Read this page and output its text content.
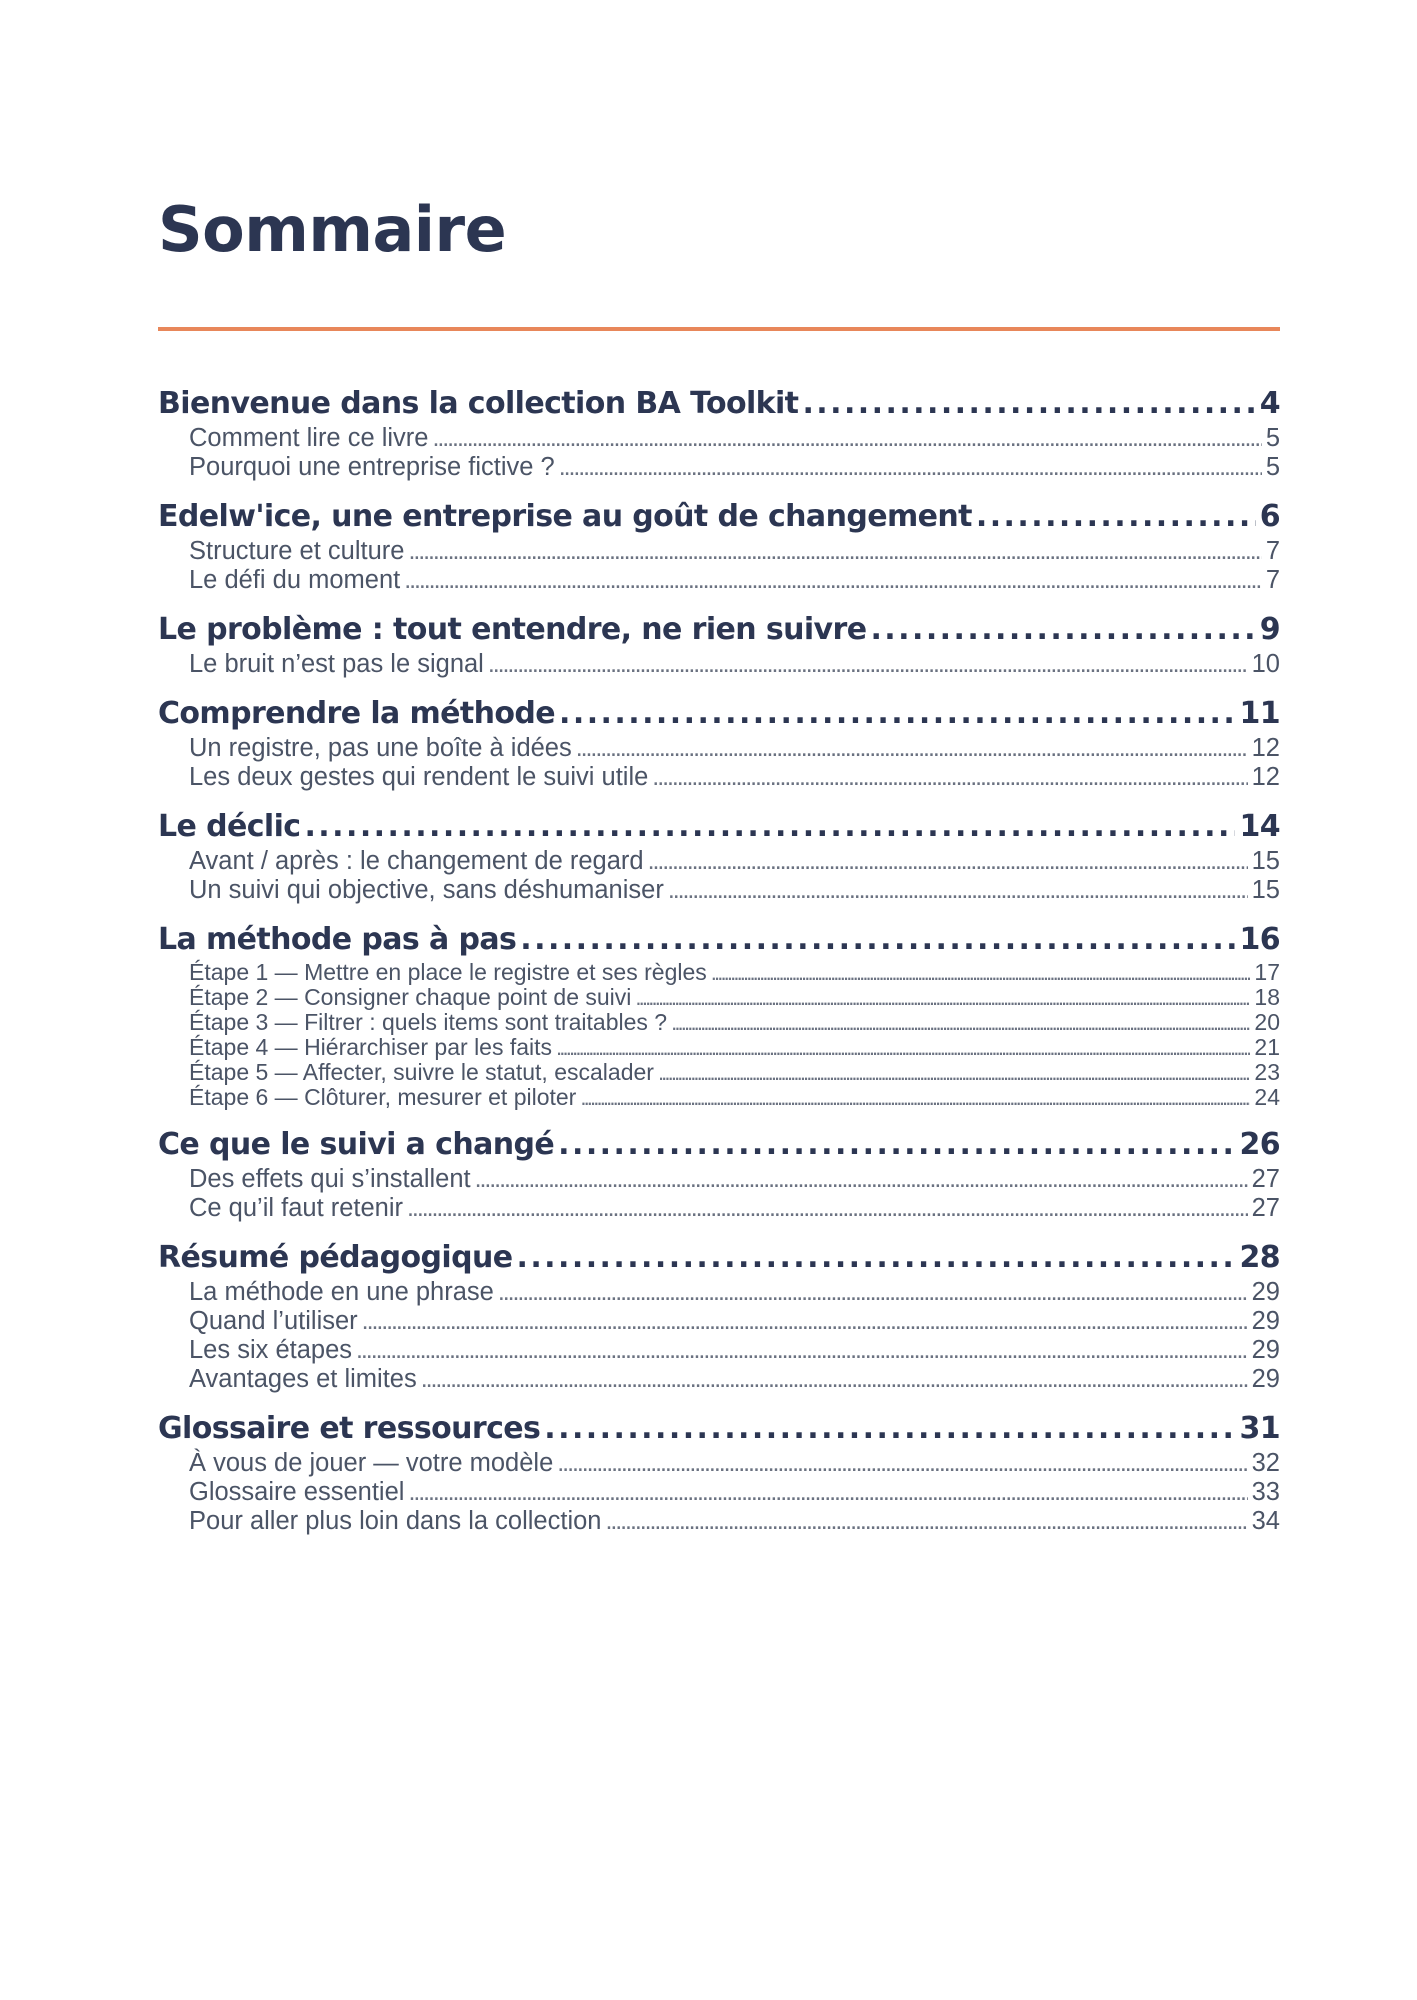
Sommaire
Bienvenue dans la collection BA Toolkit . . .	4
Comment lire ce livre . . .	5
Pourquoi une entreprise fictive ? . . .	5
Edelw'ice, une entreprise au goût de changement . . .	6
Structure et culture . . .	7
Le défi du moment . . .	7
Le problème : tout entendre, ne rien suivre . . .	9
Le bruit n’est pas le signal . . .	10
Comprendre la méthode . . .	11
Un registre, pas une boîte à idées . . .	12
Les deux gestes qui rendent le suivi utile . . .	12
Le déclic . . .	14
Avant / après : le changement de regard . . .	15
Un suivi qui objective, sans déshumaniser . . .	15
La méthode pas à pas . . .	16
Étape 1 — Mettre en place le registre et ses règles . . .	17
Étape 2 — Consigner chaque point de suivi . . .	18
Étape 3 — Filtrer : quels items sont traitables ? . . .	20
Étape 4 — Hiérarchiser par les faits . . .	21
Étape 5 — Affecter, suivre le statut, escalader . . .	23
Étape 6 — Clôturer, mesurer et piloter . . .	24
Ce que le suivi a changé . . .	26
Des effets qui s’installent . . .	27
Ce qu’il faut retenir . . .	27
Résumé pédagogique . . .	28
La méthode en une phrase . . .	29
Quand l’utiliser . . .	29
Les six étapes . . .	29
Avantages et limites . . .	29
Glossaire et ressources . . .	31
À vous de jouer — votre modèle . . .	32
Glossaire essentiel . . .	33
Pour aller plus loin dans la collection . . .	34
